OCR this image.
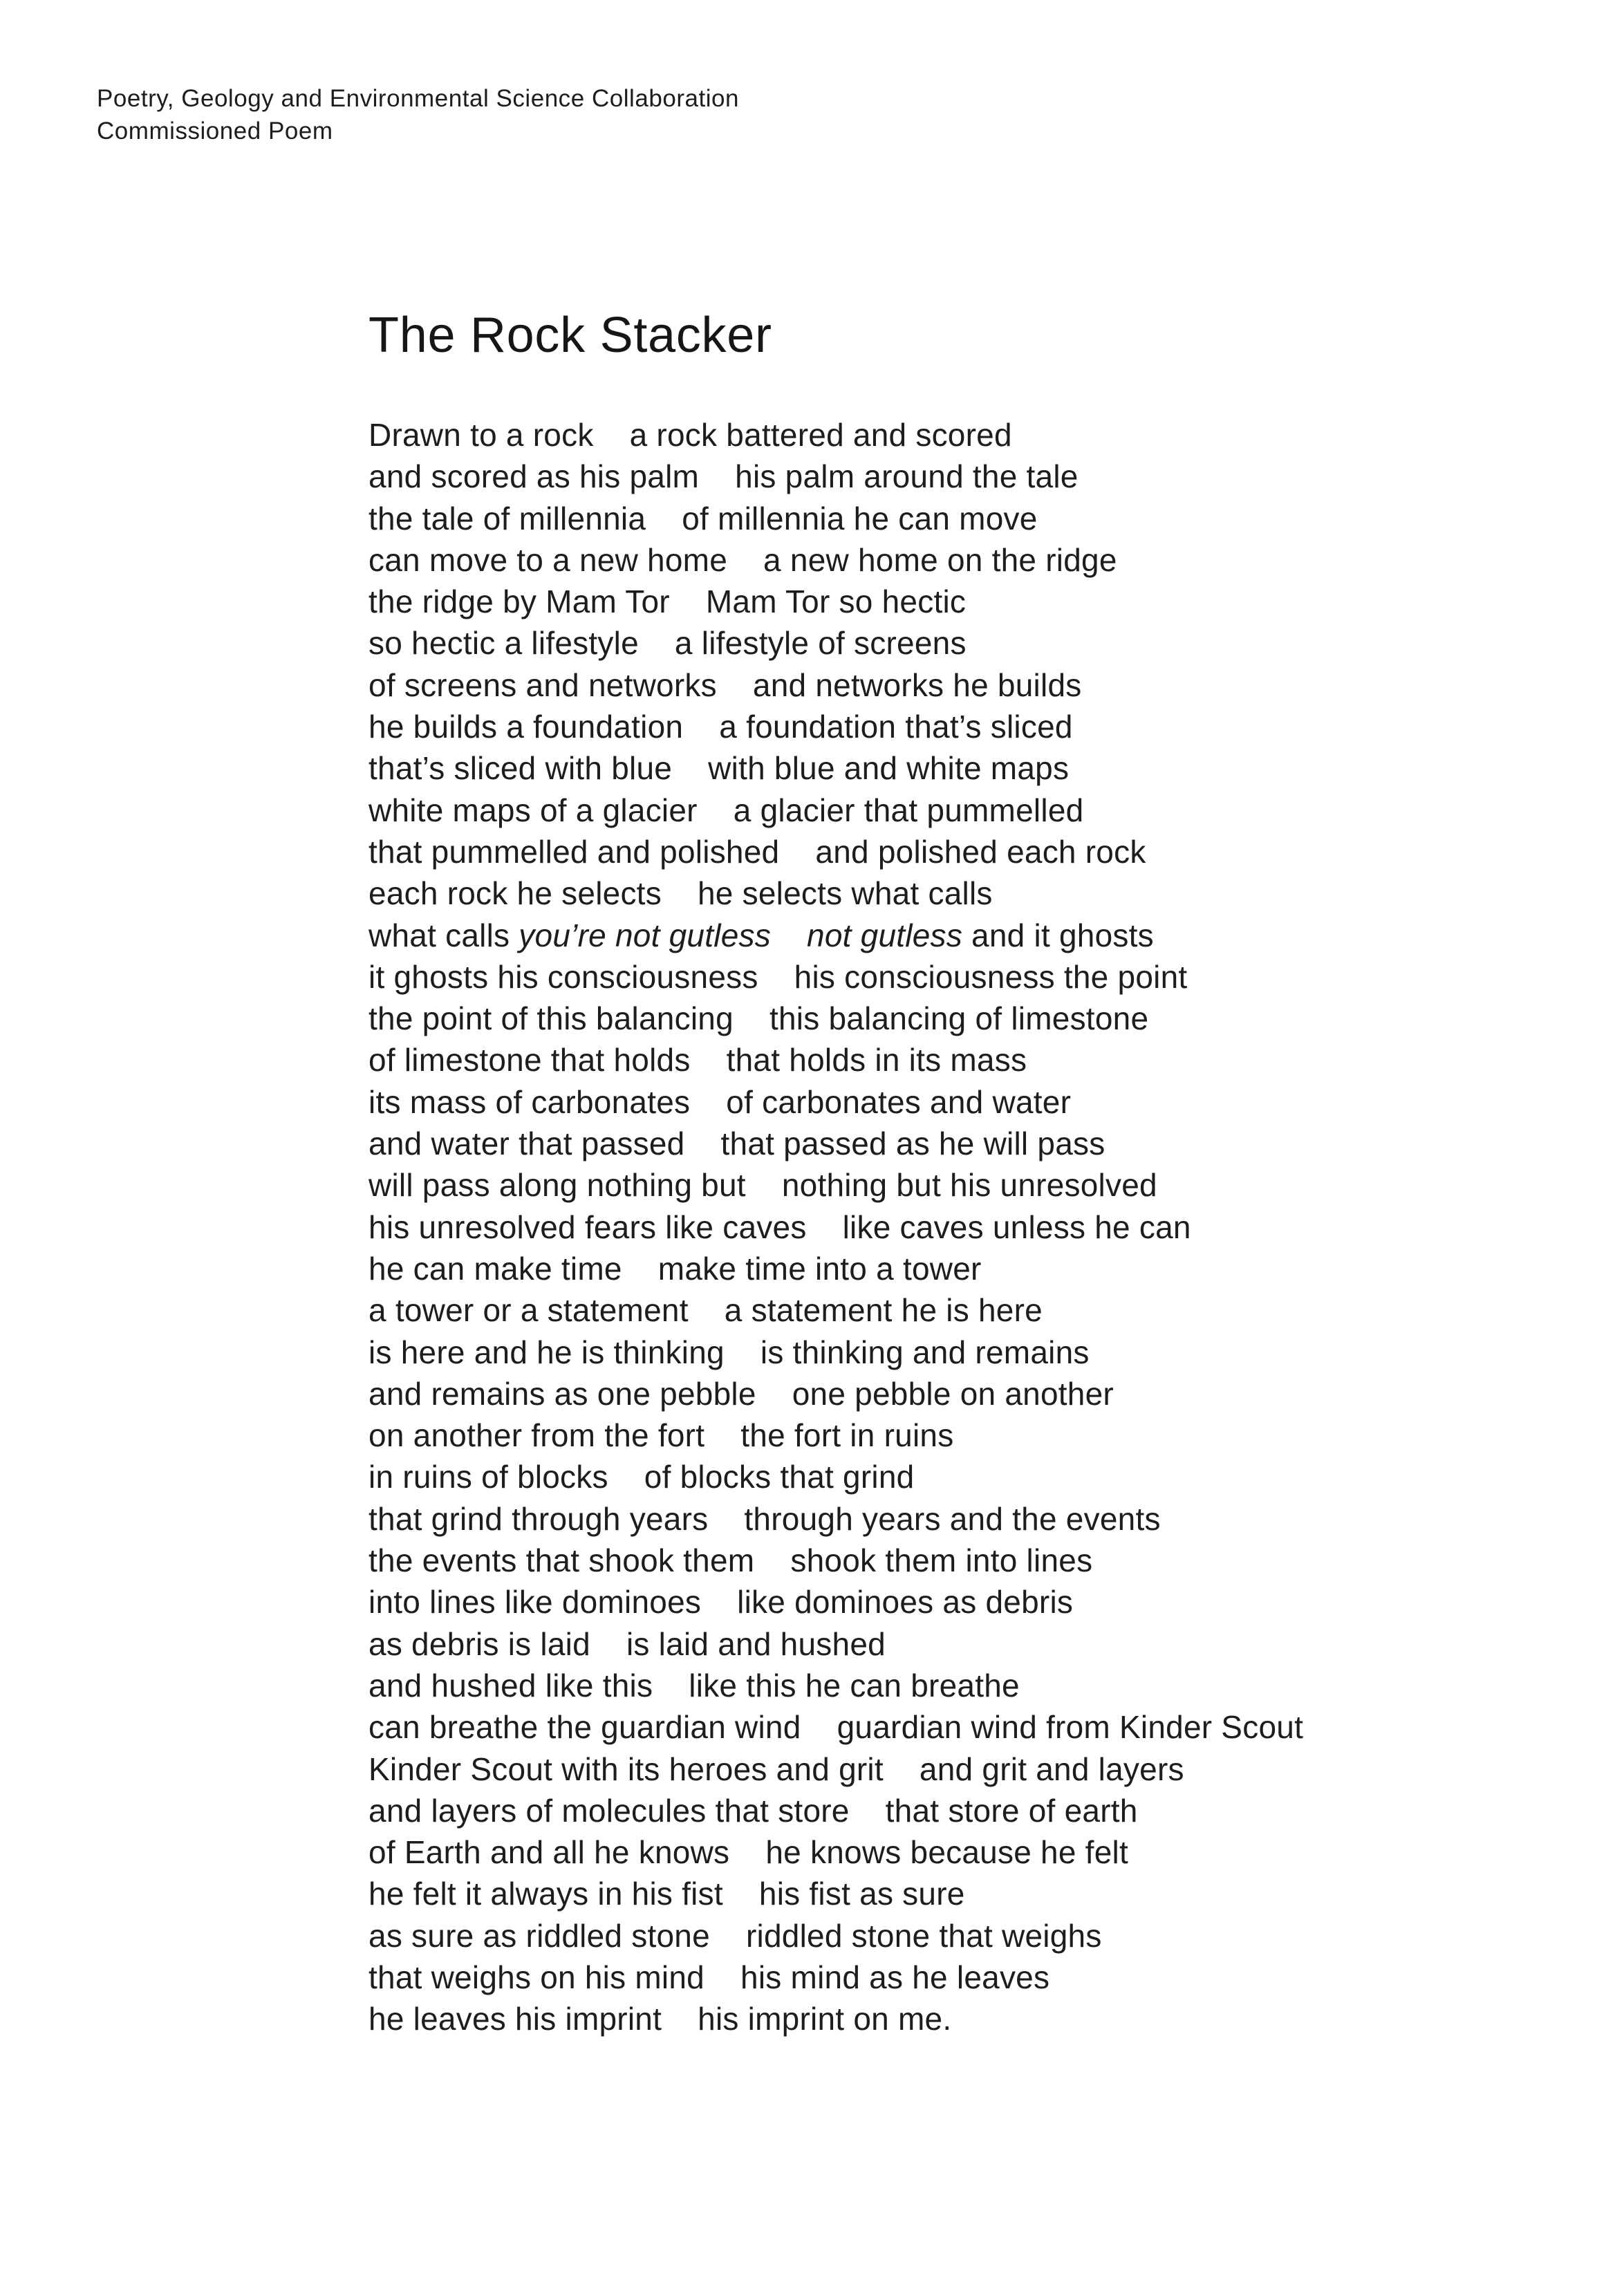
Poetry, Geology and Environmental Science Collaboration
Commissioned Poem
The Rock Stacker
Drawn to a rock    a rock battered and scored
and scored as his palm    his palm around the tale
the tale of millennia    of millennia he can move
can move to a new home    a new home on the ridge
the ridge by Mam Tor    Mam Tor so hectic
so hectic a lifestyle    a lifestyle of screens
of screens and networks    and networks he builds
he builds a foundation    a foundation that’s sliced
that’s sliced with blue    with blue and white maps
white maps of a glacier    a glacier that pummelled
that pummelled and polished    and polished each rock
each rock he selects    he selects what calls
what calls you’re not gutless not gutless and it ghosts
it ghosts his consciousness    his consciousness the point
the point of this balancing    this balancing of limestone
of limestone that holds    that holds in its mass
its mass of carbonates    of carbonates and water
and water that passed    that passed as he will pass
will pass along nothing but    nothing but his unresolved
his unresolved fears like caves    like caves unless he can
he can make time    make time into a tower
a tower or a statement    a statement he is here
is here and he is thinking    is thinking and remains
and remains as one pebble    one pebble on another
on another from the fort    the fort in ruins
in ruins of blocks    of blocks that grind
that grind through years    through years and the events
the events that shook them    shook them into lines
into lines like dominoes    like dominoes as debris
as debris is laid    is laid and hushed
and hushed like this    like this he can breathe
can breathe the guardian wind    guardian wind from Kinder Scout
Kinder Scout with its heroes and grit    and grit and layers
and layers of molecules that store    that store of earth
of Earth and all he knows    he knows because he felt
he felt it always in his fist    his fist as sure
as sure as riddled stone    riddled stone that weighs
that weighs on his mind    his mind as he leaves
he leaves his imprint    his imprint on me.
